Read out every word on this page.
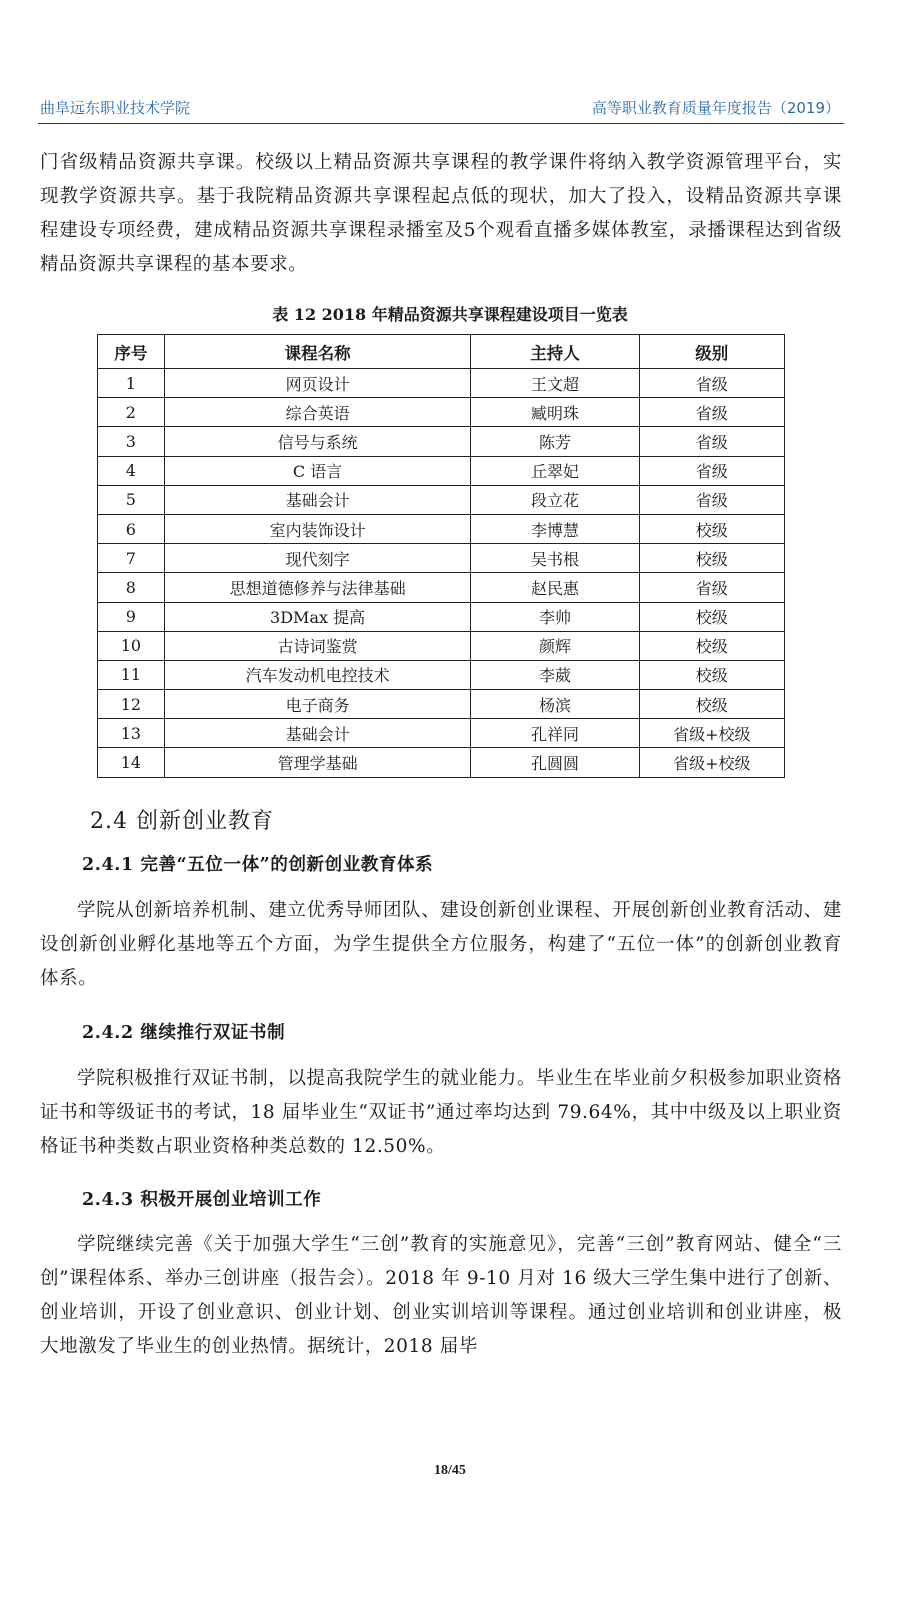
曲阜远东职业技术学院	高等职业教育质量年度报告（2019）

门省级精品资源共享课。校级以上精品资源共享课程的教学课件将纳入教学资源管理平台，实现教学资源共享。基于我院精品资源共享课程起点低的现状，加大了投入，设精品资源共享课程建设专项经费，建成精品资源共享课程录播室及5个观看直播多媒体教室，录播课程达到省级精品资源共享课程的基本要求。

表 12 2018 年精品资源共享课程建设项目一览表
序号	课程名称	主持人	级别
1	网页设计	王文超	省级
2	综合英语	臧明珠	省级
3	信号与系统	陈芳	省级
4	C 语言	丘翠妃	省级
5	基础会计	段立花	省级
6	室内装饰设计	李博慧	校级
7	现代刻字	吴书根	校级
8	思想道德修养与法律基础	赵民惠	省级
9	3DMax 提高	李帅	校级
10	古诗词鉴赏	颜辉	校级
11	汽车发动机电控技术	李葳	校级
12	电子商务	杨滨	校级
13	基础会计	孔祥同	省级+校级
14	管理学基础	孔圆圆	省级+校级
2.4 创新创业教育
2.4.1 完善“五位一体”的创新创业教育体系

学院从创新培养机制、建立优秀导师团队、建设创新创业课程、开展创新创业教育活动、建设创新创业孵化基地等五个方面，为学生提供全方位服务，构建了“五位一体”的创新创业教育体系。

2.4.2 继续推行双证书制

学院积极推行双证书制，以提高我院学生的就业能力。毕业生在毕业前夕积极参加职业资格证书和等级证书的考试，18 届毕业生“双证书”通过率均达到 79.64%，其中中级及以上职业资格证书种类数占职业资格种类总数的 12.50%。

2.4.3 积极开展创业培训工作

学院继续完善《关于加强大学生“三创”教育的实施意见》，完善“三创”教育网站、健全“三创”课程体系、举办三创讲座（报告会）。2018 年 9-10 月对 16 级大三学生集中进行了创新、创业培训，开设了创业意识、创业计划、创业实训培训等课程。通过创业培训和创业讲座，极大地激发了毕业生的创业热情。据统计，2018 届毕

18/45
